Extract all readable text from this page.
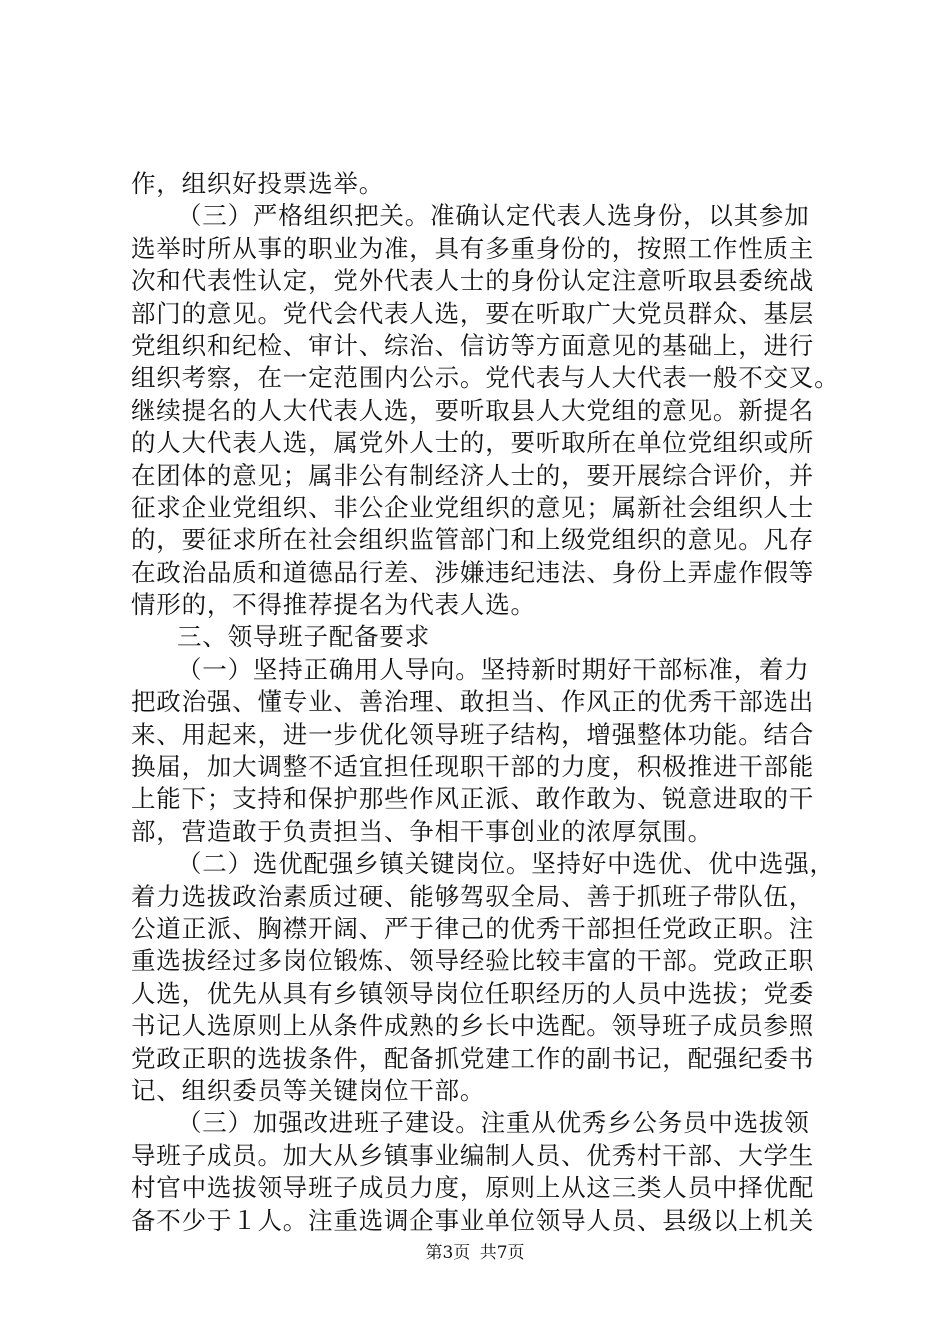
作，组织好投票选举。
（三）严格组织把关。准确认定代表人选身份，以其参加
选举时所从事的职业为准，具有多重身份的，按照工作性质主
次和代表性认定，党外代表人士的身份认定注意听取县委统战
部门的意见。党代会代表人选，要在听取广大党员群众、基层
党组织和纪检、审计、综治、信访等方面意见的基础上，进行
组织考察，在一定范围内公示。党代表与人大代表一般不交叉。
继续提名的人大代表人选，要听取县人大党组的意见。新提名
的人大代表人选，属党外人士的，要听取所在单位党组织或所
在团体的意见；属非公有制经济人士的，要开展综合评价，并
征求企业党组织、非公企业党组织的意见；属新社会组织人士
的，要征求所在社会组织监管部门和上级党组织的意见。凡存
在政治品质和道德品行差、涉嫌违纪违法、身份上弄虚作假等
情形的，不得推荐提名为代表人选。
三、领导班子配备要求
（一）坚持正确用人导向。坚持新时期好干部标准，着力
把政治强、懂专业、善治理、敢担当、作风正的优秀干部选出
来、用起来，进一步优化领导班子结构，增强整体功能。结合
换届，加大调整不适宜担任现职干部的力度，积极推进干部能
上能下；支持和保护那些作风正派、敢作敢为、锐意进取的干
部，营造敢于负责担当、争相干事创业的浓厚氛围。
（二）选优配强乡镇关键岗位。坚持好中选优、优中选强，
着力选拔政治素质过硬、能够驾驭全局、善于抓班子带队伍，
公道正派、胸襟开阔、严于律己的优秀干部担任党政正职。注
重选拔经过多岗位锻炼、领导经验比较丰富的干部。党政正职
人选，优先从具有乡镇领导岗位任职经历的人员中选拔；党委
书记人选原则上从条件成熟的乡长中选配。领导班子成员参照
党政正职的选拔条件，配备抓党建工作的副书记，配强纪委书
记、组织委员等关键岗位干部。
（三）加强改进班子建设。注重从优秀乡公务员中选拔领
导班子成员。加大从乡镇事业编制人员、优秀村干部、大学生
村官中选拔领导班子成员力度，原则上从这三类人员中择优配
备不少于１人。注重选调企事业单位领导人员、县级以上机关
第3页 共7页
